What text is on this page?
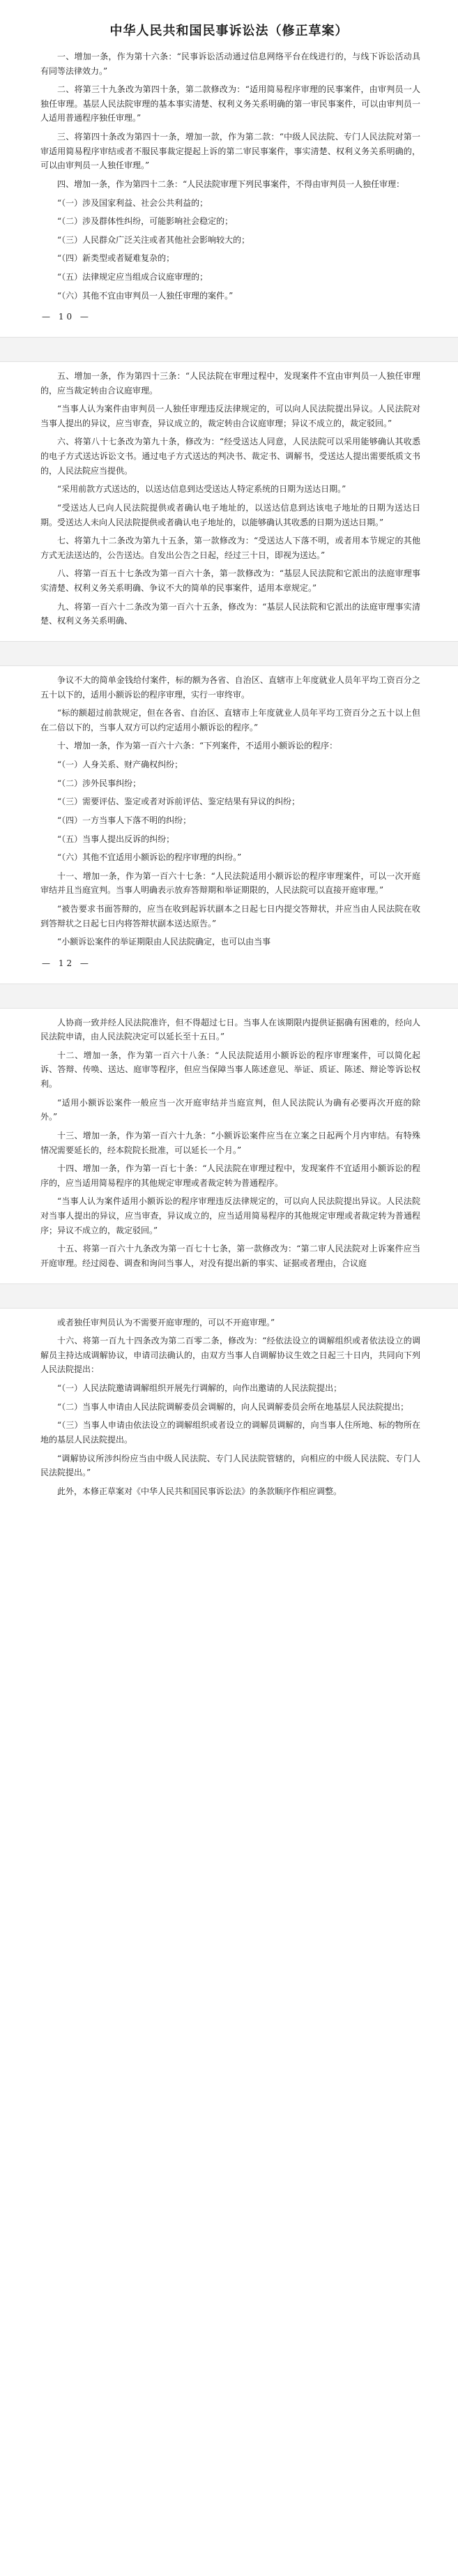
中华人民共和国民事诉讼法（修正草案）

一、增加一条，作为第十六条：“民事诉讼活动通过信息网络平台在线进行的，与线下诉讼活动具有同等法律效力。”

二、将第三十九条改为第四十条，第二款修改为：“适用简易程序审理的民事案件，由审判员一人独任审理。基层人民法院审理的基本事实清楚、权利义务关系明确的第一审民事案件，可以由审判员一人适用普通程序独任审理。”

三、将第四十条改为第四十一条，增加一款，作为第二款：“中级人民法院、专门人民法院对第一审适用简易程序审结或者不服民事裁定提起上诉的第二审民事案件，事实清楚、权利义务关系明确的，可以由审判员一人独任审理。”

四、增加一条，作为第四十二条：“人民法院审理下列民事案件，不得由审判员一人独任审理：

“（一）涉及国家利益、社会公共利益的；

“（二）涉及群体性纠纷，可能影响社会稳定的；

“（三）人民群众广泛关注或者其他社会影响较大的；

“（四）新类型或者疑难复杂的；

“（五）法律规定应当组成合议庭审理的；

“（六）其他不宜由审判员一人独任审理的案件。”

— 10 —

五、增加一条，作为第四十三条：“人民法院在审理过程中，发现案件不宜由审判员一人独任审理的，应当裁定转由合议庭审理。

“当事人认为案件由审判员一人独任审理违反法律规定的，可以向人民法院提出异议。人民法院对当事人提出的异议，应当审查，异议成立的，裁定转由合议庭审理；异议不成立的，裁定驳回。”

六、将第八十七条改为第九十条，修改为：“经受送达人同意，人民法院可以采用能够确认其收悉的电子方式送达诉讼文书。通过电子方式送达的判决书、裁定书、调解书，受送达人提出需要纸质文书的，人民法院应当提供。

“采用前款方式送达的，以送达信息到达受送达人特定系统的日期为送达日期。”

“受送达人已向人民法院提供或者确认电子地址的，以送达信息到达该电子地址的日期为送达日期。受送达人未向人民法院提供或者确认电子地址的，以能够确认其收悉的日期为送达日期。”

七、将第九十二条改为第九十五条，第一款修改为：“受送达人下落不明，或者用本节规定的其他方式无法送达的，公告送达。自发出公告之日起，经过三十日，即视为送达。”

八、将第一百五十七条改为第一百六十条，第一款修改为：“基层人民法院和它派出的法庭审理事实清楚、权利义务关系明确、争议不大的简单的民事案件，适用本章规定。”

九、将第一百六十二条改为第一百六十五条，修改为：“基层人民法院和它派出的法庭审理事实清楚、权利义务关系明确、

争议不大的简单金钱给付案件，标的额为各省、自治区、直辖市上年度就业人员年平均工资百分之五十以下的，适用小额诉讼的程序审理，实行一审终审。

“标的额超过前款规定，但在各省、自治区、直辖市上年度就业人员年平均工资百分之五十以上但在二倍以下的，当事人双方可以约定适用小额诉讼的程序。”

十、增加一条，作为第一百六十六条：“下列案件，不适用小额诉讼的程序：

“（一）人身关系、财产确权纠纷；

“（二）涉外民事纠纷；

“（三）需要评估、鉴定或者对诉前评估、鉴定结果有异议的纠纷；

“（四）一方当事人下落不明的纠纷；

“（五）当事人提出反诉的纠纷；

“（六）其他不宜适用小额诉讼的程序审理的纠纷。”

十一、增加一条，作为第一百六十七条：“人民法院适用小额诉讼的程序审理案件，可以一次开庭审结并且当庭宣判。当事人明确表示放弃答辩期和举证期限的，人民法院可以直接开庭审理。”

“被告要求书面答辩的，应当在收到起诉状副本之日起七日内提交答辩状，并应当由人民法院在收到答辩状之日起七日内将答辩状副本送达原告。”

“小额诉讼案件的举证期限由人民法院确定，也可以由当事

— 12 —

人协商一致并经人民法院准许，但不得超过七日。当事人在该期限内提供证据确有困难的，经向人民法院申请，由人民法院决定可以延长至十五日。”

十二、增加一条，作为第一百六十八条：“人民法院适用小额诉讼的程序审理案件，可以简化起诉、答辩、传唤、送达、庭审等程序，但应当保障当事人陈述意见、举证、质证、陈述、辩论等诉讼权利。

“适用小额诉讼案件一般应当一次开庭审结并当庭宣判，但人民法院认为确有必要再次开庭的除外。”

十三、增加一条，作为第一百六十九条：“小额诉讼案件应当在立案之日起两个月内审结。有特殊情况需要延长的，经本院院长批准，可以延长一个月。”

十四、增加一条，作为第一百七十条：“人民法院在审理过程中，发现案件不宜适用小额诉讼的程序的，应当适用简易程序的其他规定审理或者裁定转为普通程序。

“当事人认为案件适用小额诉讼的程序审理违反法律规定的，可以向人民法院提出异议。人民法院对当事人提出的异议，应当审查，异议成立的，应当适用简易程序的其他规定审理或者裁定转为普通程序；异议不成立的，裁定驳回。”

十五、将第一百六十九条改为第一百七十七条，第一款修改为：“第二审人民法院对上诉案件应当开庭审理。经过阅卷、调查和询问当事人，对没有提出新的事实、证据或者理由，合议庭

或者独任审判员认为不需要开庭审理的，可以不开庭审理。”

十六、将第一百九十四条改为第二百零二条，修改为：“经依法设立的调解组织或者依法设立的调解员主持达成调解协议，申请司法确认的，由双方当事人自调解协议生效之日起三十日内，共同向下列人民法院提出：

“（一）人民法院邀请调解组织开展先行调解的，向作出邀请的人民法院提出；

“（二）当事人申请由人民法院调解委员会调解的，向人民调解委员会所在地基层人民法院提出；

“（三）当事人申请由依法设立的调解组织或者设立的调解员调解的，向当事人住所地、标的物所在地的基层人民法院提出。

“调解协议所涉纠纷应当由中级人民法院、专门人民法院管辖的，向相应的中级人民法院、专门人民法院提出。”

此外，本修正草案对《中华人民共和国民事诉讼法》的条款顺序作相应调整。
